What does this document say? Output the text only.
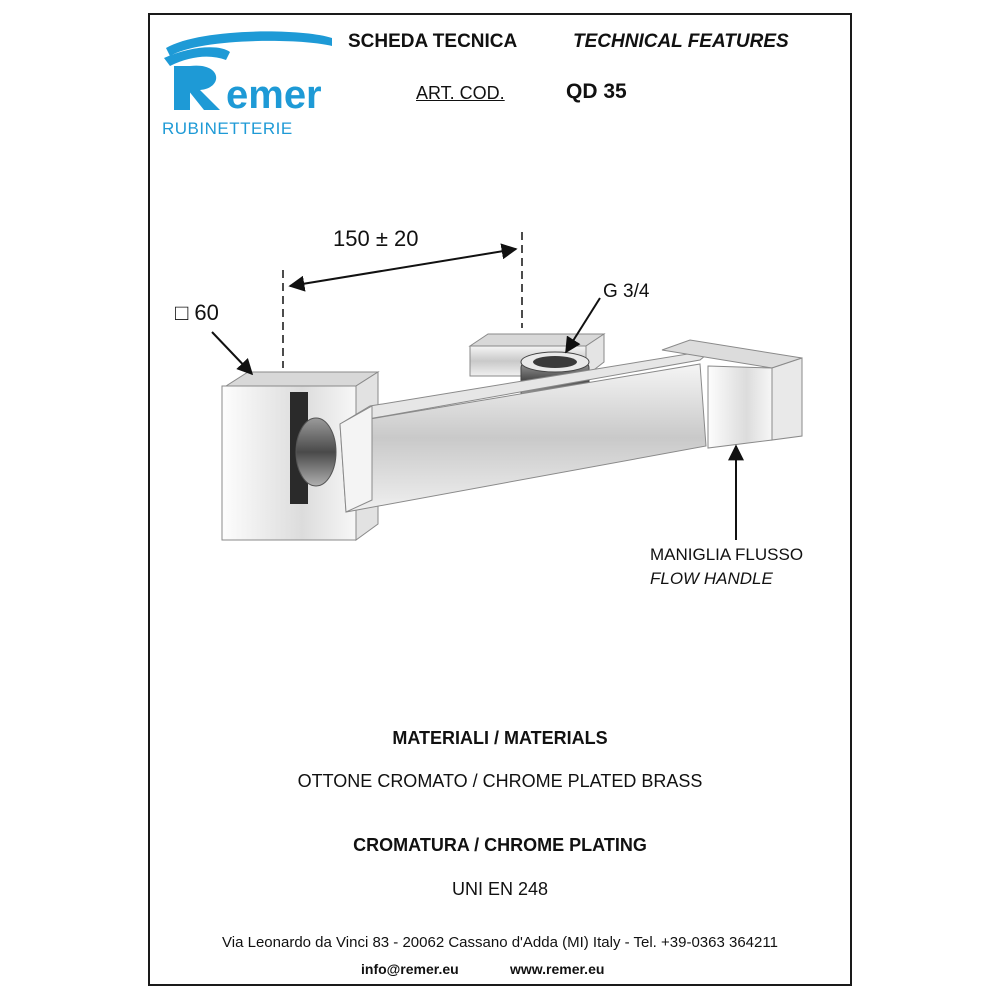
emer
RUBINETTERIE
SCHEDA TECNICA	TECHNICAL FEATURES
ART. COD.	QD 35
150 ± 20
□ 60
G 3/4
MANIGLIA FLUSSO
FLOW HANDLE
MATERIALI / MATERIALS
OTTONE CROMATO / CHROME PLATED BRASS
CROMATURA / CHROME PLATING
UNI EN 248
Via Leonardo da Vinci 83 - 20062 Cassano d'Adda (MI) Italy - Tel. +39-0363 364211
info@remer.eu	www.remer.eu
